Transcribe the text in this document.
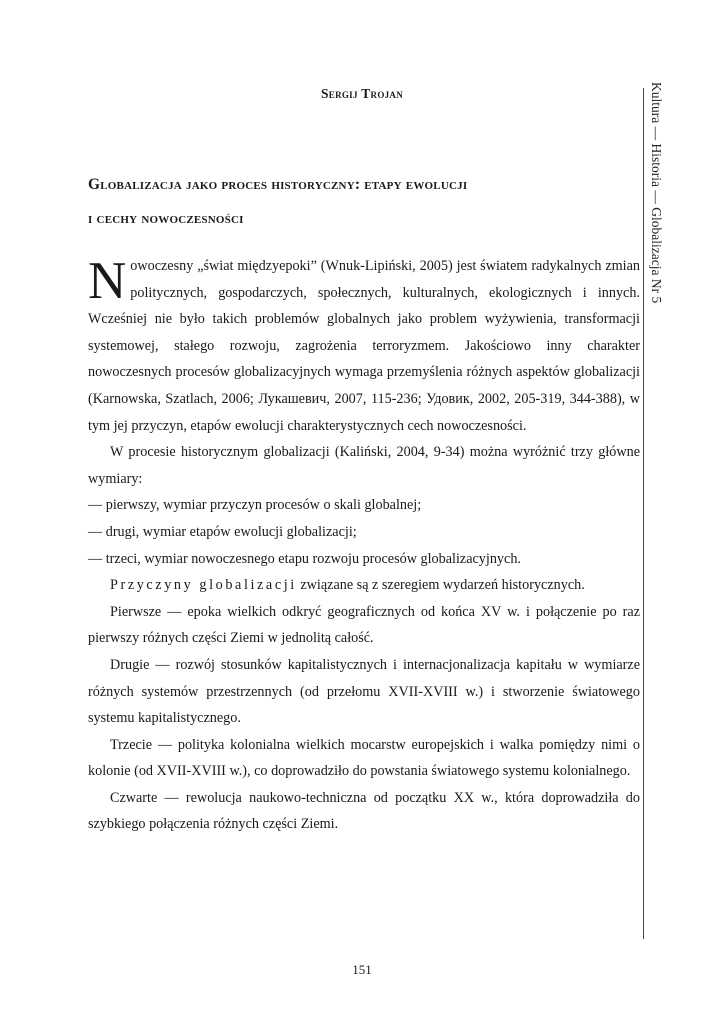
Sergij Trojan
Globalizacja jako proces historyczny: etapy ewolucji
i cechy nowoczesności	Kultura — Historia — Globalizacja Nr 5

Nowoczesny „świat międzyepoki” (Wnuk-Lipiński, 2005) jest światem radykalnych zmian politycznych, gospodarczych, społecznych, kulturalnych, ekologicznych i innych. Wcześniej nie było takich problemów globalnych jako problem wyżywienia, transformacji systemowej, stałego rozwoju, zagrożenia terroryzmem. Jakościowo inny charakter nowoczesnych procesów globalizacyjnych wymaga przemyślenia różnych aspektów globalizacji (Karnowska, Szatlach, 2006; Лукашевич, 2007, 115-236; Удовик, 2002, 205-319, 344-388), w tym jej przyczyn, etapów ewolucji charakterystycznych cech nowoczesności.

W procesie historycznym globalizacji (Kaliński, 2004, 9-34) można wyróżnić trzy główne wymiary:

— pierwszy, wymiar przyczyn procesów o skali globalnej;

— drugi, wymiar etapów ewolucji globalizacji;

— trzeci, wymiar nowoczesnego etapu rozwoju procesów globalizacyjnych.

Przyczyny globalizacji związane są z szeregiem wydarzeń historycznych.

Pierwsze — epoka wielkich odkryć geograficznych od końca XV w. i połączenie po raz pierwszy różnych części Ziemi w jednolitą całość.

Drugie — rozwój stosunków kapitalistycznych i internacjonalizacja kapitału w wymiarze różnych systemów przestrzennych (od przełomu XVII-XVIII w.) i stworzenie światowego systemu kapitalistycznego.

Trzecie — polityka kolonialna wielkich mocarstw europejskich i walka pomiędzy nimi o kolonie (od XVII-XVIII w.), co doprowadziło do powstania światowego systemu kolonialnego.

Czwarte — rewolucja naukowo-techniczna od początku XX w., która doprowadziła do szybkiego połączenia różnych części Ziemi.

151
